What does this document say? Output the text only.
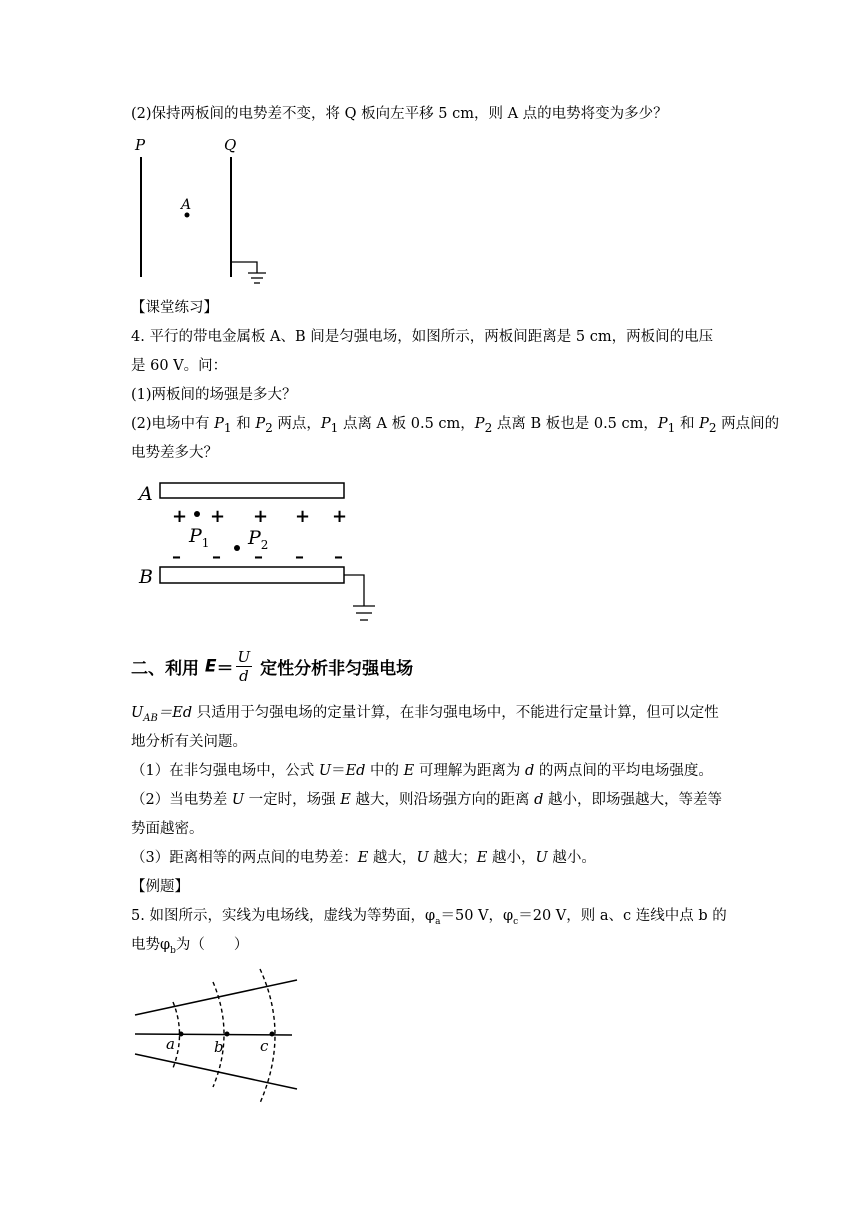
(2)保持两板间的电势差不变，将 Q 板向左平移 5 cm，则 A 点的电势将变为多少？
P	Q
A
【课堂练习】
4. 平行的带电金属板 A、B 间是匀强电场，如图所示，两板间距离是 5 cm，两板间的电压
是 60 V。问：
(1)两板间的场强是多大？
(2)电场中有 $P_1$ 和 $P_2$ 两点，$P_1$ 点离 A 板 0.5 cm，$P_2$ 点离 B 板也是 0.5 cm，$P_1$ 和 $P_2$ 两点间的
电势差多大？
A
+ + + + +
$P_1$ $P_2$
– – – – –
B
二、利用 $E= \frac{U}{d}$ 定性分析非匀强电场
$U_{AB}=Ed$ 只适用于匀强电场的定量计算，在非匀强电场中，不能进行定量计算，但可以定性
地分析有关问题。
（1）在非匀强电场中，公式 U＝Ed 中的 E 可理解为距离为 d 的两点间的平均电场强度。
（2）当电势差 U 一定时，场强 E 越大，则沿场强方向的距离 d 越小，即场强越大，等差等
势面越密。
（3）距离相等的两点间的电势差：E 越大，U 越大；E 越小，U 越小。
【例题】
5. 如图所示，实线为电场线，虚线为等势面，$\varphi_a=50$ V，$\varphi_c=20$ V，则 a、c 连线中点 b 的
电势$\varphi_b$为（　　）
a	b c
